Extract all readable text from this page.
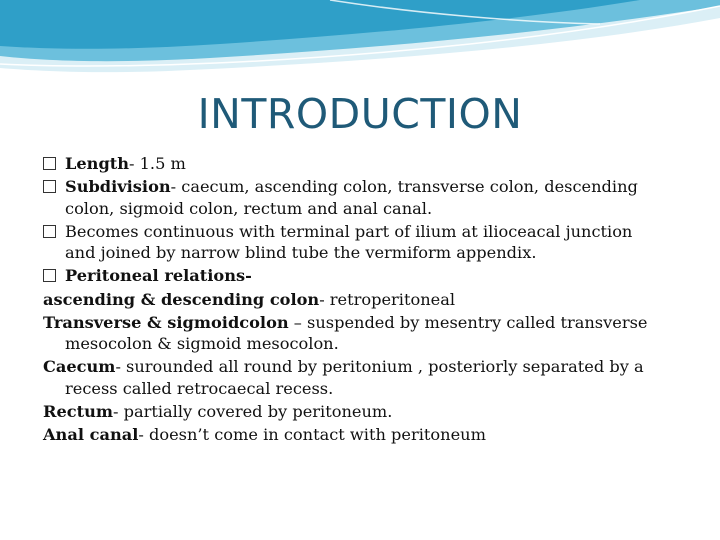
INTRODUCTION
Length- 1.5 m
Subdivision- caecum, ascending colon, transverse colon, descending
colon, sigmoid colon, rectum and anal canal.
Becomes continuous with terminal part of ilium at ilioceacal junction
and joined by narrow blind tube the vermiform appendix.
Peritoneal relations-
ascending & descending colon- retroperitoneal
Transverse & sigmoidcolon – suspended by mesentry called transverse
mesocolon & sigmoid mesocolon.
Caecum- surounded all round by peritonium , posteriorly separated by a
recess called retrocaecal recess.
Rectum- partially covered by peritoneum.
Anal canal- doesn’t come in contact with peritoneum
